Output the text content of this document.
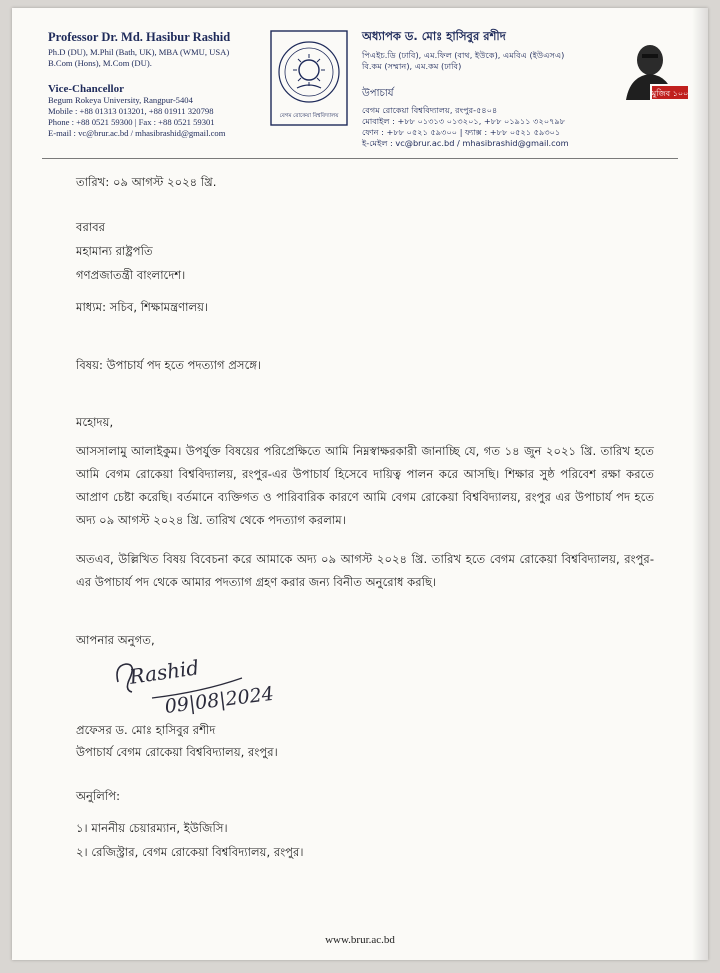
Professor Dr. Md. Hasibur Rashid
Ph.D (DU), M.Phil (Bath, UK), MBA (WMU, USA)
B.Com (Hons), M.Com (DU).
Vice-Chancellor
Begum Rokeya University, Rangpur-5404
Mobile : +88 01313 013201, +88 01911 320798
Phone : +88 0521 59300 | Fax : +88 0521 59301
E-mail : vc@brur.ac.bd / mhasibrashid@gmail.com
বেগম রোকেয়া বিশ্ববিদ্যালয়
অধ্যাপক ড. মোঃ হাসিবুর রশীদ
পিএইচ.ডি (ঢাবি), এম.ফিল (বাথ, ইউকে), এমবিএ (ইউএসএ)
বি.কম (সম্মান), এম.কম (ঢাবি)
উপাচার্য
বেগম রোকেয়া বিশ্ববিদ্যালয়, রংপুর-৫৪০৪
মোবাইল : +৮৮ ০১৩১৩ ০১৩২০১, +৮৮ ০১৯১১ ৩২০৭৯৮
ফোন : +৮৮ ০৫২১ ৫৯৩০০ | ফ্যাক্স : +৮৮ ০৫২১ ৫৯৩০১
ই-মেইল : vc@brur.ac.bd / mhasibrashid@gmail.com
মুজিব ১০০
তারিখ: ০৯ আগস্ট ২০২৪ খ্রি.
বরাবর
মহামান্য রাষ্ট্রপতি
গণপ্রজাতন্ত্রী বাংলাদেশ।
মাধ্যম: সচিব, শিক্ষামন্ত্রণালয়।
বিষয়: উপাচার্য পদ হতে পদত্যাগ প্রসঙ্গে।
মহোদয়,
আসসালামু আলাইকুম। উপর্যুক্ত বিষয়ের পরিপ্রেক্ষিতে আমি নিম্নস্বাক্ষরকারী জানাচ্ছি যে, গত ১৪ জুন ২০২১ খ্রি. তারিখ হতে আমি বেগম রোকেয়া বিশ্ববিদ্যালয়, রংপুর-এর উপাচার্য হিসেবে দায়িত্ব পালন করে আসছি। শিক্ষার সুষ্ঠ পরিবেশ রক্ষা করতে আপ্রাণ চেষ্টা করেছি। বর্তমানে ব্যক্তিগত ও পারিবারিক কারণে আমি বেগম রোকেয়া বিশ্ববিদ্যালয়, রংপুর এর উপাচার্য পদ হতে অদ্য ০৯ আগস্ট ২০২৪ খ্রি. তারিখ থেকে পদত্যাগ করলাম।
অতএব, উল্লিখিত বিষয় বিবেচনা করে আমাকে অদ্য ০৯ আগস্ট ২০২৪ খ্রি. তারিখ হতে বেগম রোকেয়া বিশ্ববিদ্যালয়, রংপুর-এর উপাচার্য পদ থেকে আমার পদত্যাগ গ্রহণ করার জন্য বিনীত অনুরোধ করছি।
আপনার অনুগত,
প্রফেসর ড. মোঃ হাসিবুর রশীদ
উপাচার্য বেগম রোকেয়া বিশ্ববিদ্যালয়, রংপুর।
অনুলিপি:
১। মাননীয় চেয়ারম্যান, ইউজিসি।
২। রেজিস্ট্রার, বেগম রোকেয়া বিশ্ববিদ্যালয়, রংপুর।
Rashid
09|08|2024
www.brur.ac.bd
